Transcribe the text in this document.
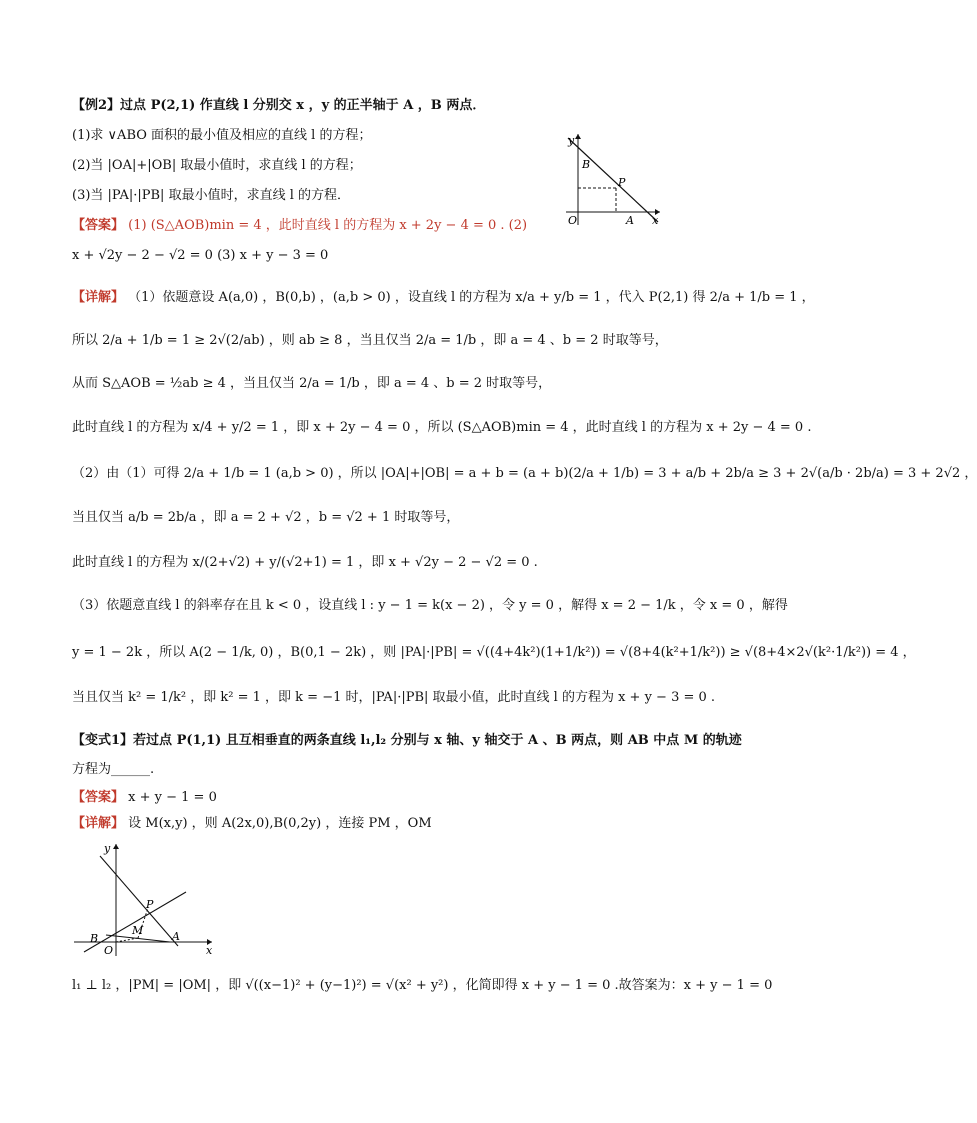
【例2】过点 P(2,1) 作直线 l 分别交 x ，y 的正半轴于 A ，B 两点．
(1)求 ∨ABO 面积的最小值及相应的直线 l 的方程；
(2)当 |OA|+|OB| 取最小值时，求直线 l 的方程；
(3)当 |PA|·|PB| 取最小值时，求直线 l 的方程．
【答案】 (1) (S△AOB)min = 4 ，此时直线 l 的方程为 x + 2y − 4 = 0 . (2)
x + √2y − 2 − √2 = 0 (3) x + y − 3 = 0
y
B
P
O	A x
【详解】 （1）依题意设 A(a,0) ，B(0,b) ，(a,b > 0) ，设直线 l 的方程为 x/a + y/b = 1 ，代入 P(2,1) 得 2/a + 1/b = 1 ，
所以 2/a + 1/b = 1 ≥ 2√(2/ab) ，则 ab ≥ 8 ，当且仅当 2/a = 1/b ，即 a = 4 、b = 2 时取等号，
从而 S△AOB = ½ab ≥ 4 ，当且仅当 2/a = 1/b ，即 a = 4 、b = 2 时取等号，
此时直线 l 的方程为 x/4 + y/2 = 1 ，即 x + 2y − 4 = 0 ，所以 (S△AOB)min = 4 ，此时直线 l 的方程为 x + 2y − 4 = 0 .
（2）由（1）可得 2/a + 1/b = 1 (a,b > 0) ，所以 |OA|+|OB| = a + b = (a + b)(2/a + 1/b) = 3 + a/b + 2b/a ≥ 3 + 2√(a/b · 2b/a) = 3 + 2√2 ，
当且仅当 a/b = 2b/a ，即 a = 2 + √2 ，b = √2 + 1 时取等号，
此时直线 l 的方程为 x/(2+√2) + y/(√2+1) = 1 ，即 x + √2y − 2 − √2 = 0 .
（3）依题意直线 l 的斜率存在且 k < 0 ，设直线 l : y − 1 = k(x − 2) ，令 y = 0 ，解得 x = 2 − 1/k ，令 x = 0 ，解得
y = 1 − 2k ，所以 A(2 − 1/k, 0) ，B(0,1 − 2k) ，则 |PA|·|PB| = √((4+4k²)(1+1/k²)) = √(8+4(k²+1/k²)) ≥ √(8+4×2√(k²·1/k²)) = 4 ，
当且仅当 k² = 1/k² ，即 k² = 1 ，即 k = −1 时，|PA|·|PB| 取最小值，此时直线 l 的方程为 x + y − 3 = 0 .
【变式1】若过点 P(1,1) 且互相垂直的两条直线 l₁,l₂ 分别与 x 轴、y 轴交于 A 、B 两点，则 AB 中点 M 的轨迹
方程为______.
【答案】 x + y − 1 = 0
【详解】 设 M(x,y) ，则 A(2x,0),B(0,2y) ，连接 PM ，OM
y
P
M
B
O
A
x
l₁ ⊥ l₂ ，|PM| = |OM| ，即 √((x−1)² + (y−1)²) = √(x² + y²) ，化简即得 x + y − 1 = 0 .故答案为：x + y − 1 = 0
